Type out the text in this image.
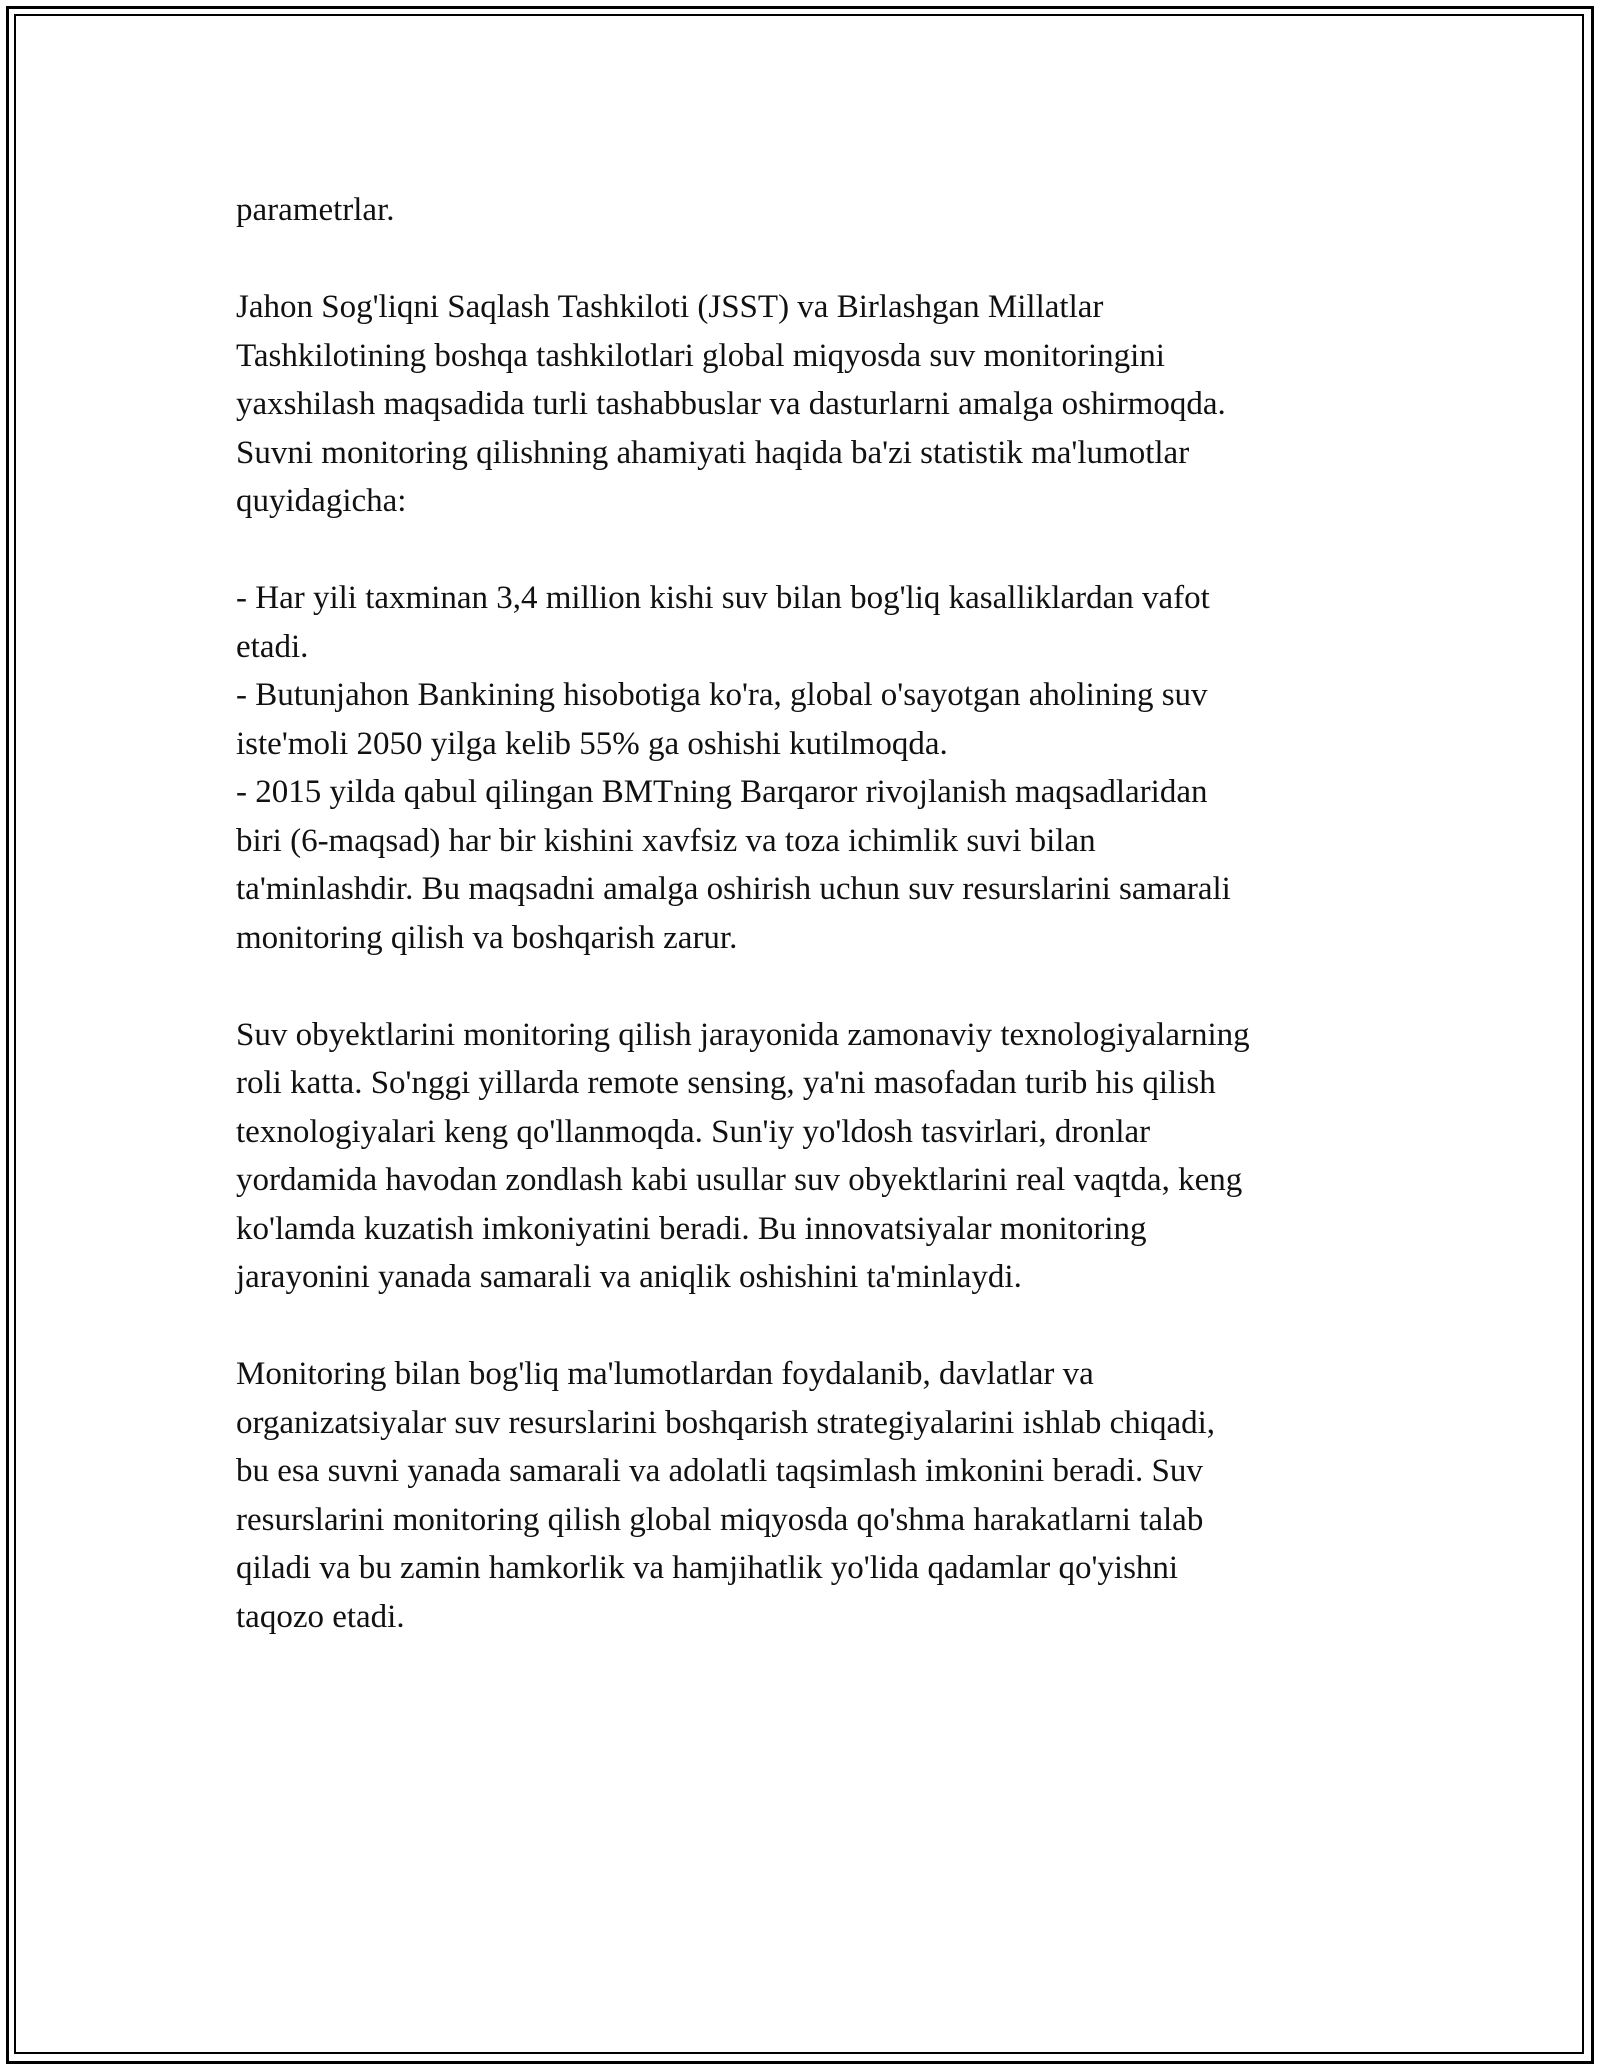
parametrlar.

Jahon Sog'liqni Saqlash Tashkiloti (JSST) va Birlashgan Millatlar
Tashkilotining boshqa tashkilotlari global miqyosda suv monitoringini
yaxshilash maqsadida turli tashabbuslar va dasturlarni amalga oshirmoqda.
Suvni monitoring qilishning ahamiyati haqida ba'zi statistik ma'lumotlar
quyidagicha:

- Har yili taxminan 3,4 million kishi suv bilan bog'liq kasalliklardan vafot
etadi.
- Butunjahon Bankining hisobotiga ko'ra, global o'sayotgan aholining suv
iste'moli 2050 yilga kelib 55% ga oshishi kutilmoqda.
- 2015 yilda qabul qilingan BMTning Barqaror rivojlanish maqsadlaridan
biri (6-maqsad) har bir kishini xavfsiz va toza ichimlik suvi bilan
ta'minlashdir. Bu maqsadni amalga oshirish uchun suv resurslarini samarali
monitoring qilish va boshqarish zarur.

Suv obyektlarini monitoring qilish jarayonida zamonaviy texnologiyalarning
roli katta. So'nggi yillarda remote sensing, ya'ni masofadan turib his qilish
texnologiyalari keng qo'llanmoqda. Sun'iy yo'ldosh tasvirlari, dronlar
yordamida havodan zondlash kabi usullar suv obyektlarini real vaqtda, keng
ko'lamda kuzatish imkoniyatini beradi. Bu innovatsiyalar monitoring
jarayonini yanada samarali va aniqlik oshishini ta'minlaydi.

Monitoring bilan bog'liq ma'lumotlardan foydalanib, davlatlar va
organizatsiyalar suv resurslarini boshqarish strategiyalarini ishlab chiqadi,
bu esa suvni yanada samarali va adolatli taqsimlash imkonini beradi. Suv
resurslarini monitoring qilish global miqyosda qo'shma harakatlarni talab
qiladi va bu zamin hamkorlik va hamjihatlik yo'lida qadamlar qo'yishni
taqozo etadi.
